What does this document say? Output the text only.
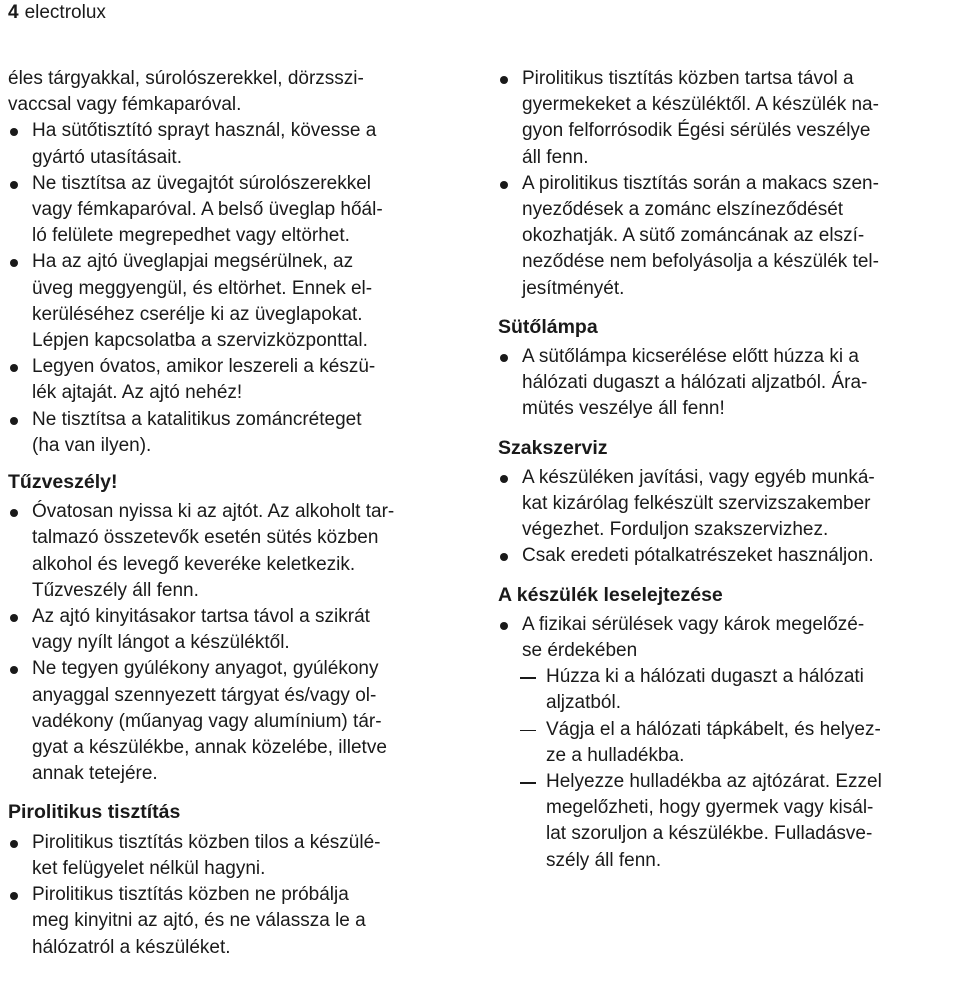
4 electrolux
éles tárgyakkal, súrolószerekkel, dörzsszi-
vaccsal vagy fémkaparóval.
Ha sütőtisztító sprayt használ, kövesse a
gyártó utasításait.
Ne tisztítsa az üvegajtót súrolószerekkel
vagy fémkaparóval. A belső üveglap hőál-
ló felülete megrepedhet vagy eltörhet.
Ha az ajtó üveglapjai megsérülnek, az
üveg meggyengül, és eltörhet. Ennek el-
kerüléséhez cserélje ki az üveglapokat.
Lépjen kapcsolatba a szervizközponttal.
Legyen óvatos, amikor leszereli a készü-
lék ajtaját. Az ajtó nehéz!
Ne tisztítsa a katalitikus zománcréteget
(ha van ilyen).
Tűzveszély!
Óvatosan nyissa ki az ajtót. Az alkoholt tar-
talmazó összetevők esetén sütés közben
alkohol és levegő keveréke keletkezik.
Tűzveszély áll fenn.
Az ajtó kinyitásakor tartsa távol a szikrát
vagy nyílt lángot a készüléktől.
Ne tegyen gyúlékony anyagot, gyúlékony
anyaggal szennyezett tárgyat és/vagy ol-
vadékony (műanyag vagy alumínium) tár-
gyat a készülékbe, annak közelébe, illetve
annak tetejére.
Pirolitikus tisztítás
Pirolitikus tisztítás közben tilos a készülé-
ket felügyelet nélkül hagyni.
Pirolitikus tisztítás közben ne próbálja
meg kinyitni az ajtó, és ne válassza le a
hálózatról a készüléket.
Pirolitikus tisztítás közben tartsa távol a
gyermekeket a készüléktől. A készülék na-
gyon felforrósodik Égési sérülés veszélye
áll fenn.
A pirolitikus tisztítás során a makacs szen-
nyeződések a zománc elszíneződését
okozhatják. A sütő zománcának az elszí-
neződése nem befolyásolja a készülék tel-
jesítményét.
Sütőlámpa
A sütőlámpa kicserélése előtt húzza ki a
hálózati dugaszt a hálózati aljzatból. Ára-
mütés veszélye áll fenn!
Szakszerviz
A készüléken javítási, vagy egyéb munká-
kat kizárólag felkészült szervizszakember
végezhet. Forduljon szakszervizhez.
Csak eredeti pótalkatrészeket használjon.
A készülék leselejtezése
A fizikai sérülések vagy károk megelőzé-
se érdekében
Húzza ki a hálózati dugaszt a hálózati
aljzatból.
Vágja el a hálózati tápkábelt, és helyez-
ze a hulladékba.
Helyezze hulladékba az ajtózárat. Ezzel
megelőzheti, hogy gyermek vagy kisál-
lat szoruljon a készülékbe. Fulladásve-
szély áll fenn.
